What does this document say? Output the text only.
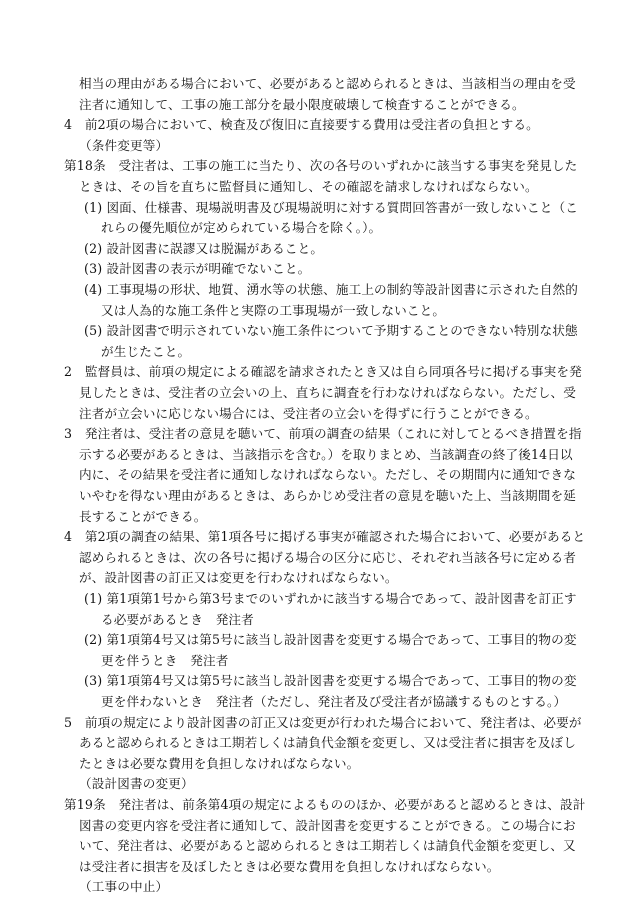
相当の理由がある場合において、必要があると認められるときは、当該相当の理由を受
注者に通知して、工事の施工部分を最小限度破壊して検査することができる。
4　前2項の場合において、検査及び復旧に直接要する費用は受注者の負担とする。
（条件変更等）
第18条　受注者は、工事の施工に当たり、次の各号のいずれかに該当する事実を発見した
ときは、その旨を直ちに監督員に通知し、その確認を請求しなければならない。
(1) 図面、仕様書、現場説明書及び現場説明に対する質問回答書が一致しないこと（こ
れらの優先順位が定められている場合を除く。）。
(2) 設計図書に誤謬又は脱漏があること。
(3) 設計図書の表示が明確でないこと。
(4) 工事現場の形状、地質、湧水等の状態、施工上の制約等設計図書に示された自然的
又は人為的な施工条件と実際の工事現場が一致しないこと。
(5) 設計図書で明示されていない施工条件について予期することのできない特別な状態
が生じたこと。
2　監督員は、前項の規定による確認を請求されたとき又は自ら同項各号に掲げる事実を発
見したときは、受注者の立会いの上、直ちに調査を行わなければならない。ただし、受
注者が立会いに応じない場合には、受注者の立会いを得ずに行うことができる。
3　発注者は、受注者の意見を聴いて、前項の調査の結果（これに対してとるべき措置を指
示する必要があるときは、当該指示を含む。）を取りまとめ、当該調査の終了後14日以
内に、その結果を受注者に通知しなければならない。ただし、その期間内に通知できな
いやむを得ない理由があるときは、あらかじめ受注者の意見を聴いた上、当該期間を延
長することができる。
4　第2項の調査の結果、第1項各号に掲げる事実が確認された場合において、必要があると
認められるときは、次の各号に掲げる場合の区分に応じ、それぞれ当該各号に定める者
が、設計図書の訂正又は変更を行わなければならない。
(1) 第1項第1号から第3号までのいずれかに該当する場合であって、設計図書を訂正す
る必要があるとき　発注者
(2) 第1項第4号又は第5号に該当し設計図書を変更する場合であって、工事目的物の変
更を伴うとき　発注者
(3) 第1項第4号又は第5号に該当し設計図書を変更する場合であって、工事目的物の変
更を伴わないとき　発注者（ただし、発注者及び受注者が協議するものとする。）
5　前項の規定により設計図書の訂正又は変更が行われた場合において、発注者は、必要が
あると認められるときは工期若しくは請負代金額を変更し、又は受注者に損害を及ぼし
たときは必要な費用を負担しなければならない。
（設計図書の変更）
第19条　発注者は、前条第4項の規定によるもののほか、必要があると認めるときは、設計
図書の変更内容を受注者に通知して、設計図書を変更することができる。この場合にお
いて、発注者は、必要があると認められるときは工期若しくは請負代金額を変更し、又
は受注者に損害を及ぼしたときは必要な費用を負担しなければならない。
（工事の中止）
